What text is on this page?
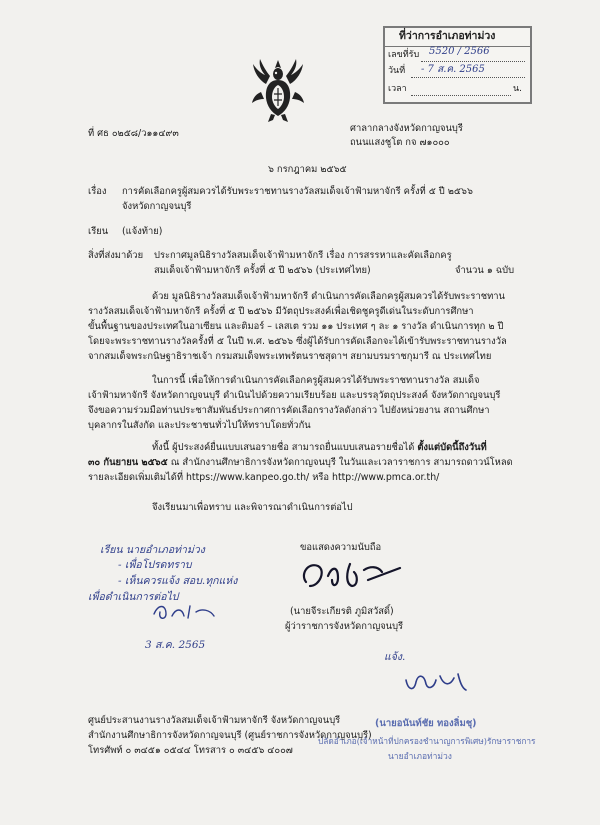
ที่ว่าการอำเภอท่าม่วง
เลขที่รับ 5520 / 2566
วันที่ - 7 ส.ค. 2565
เวลา	น.
ที่ ศธ ๐๒๕๘/ว๑๑๔๙๓	ศาลากลางจังหวัดกาญจนบุรี
ถนนแสงชูโต กจ ๗๑๐๐๐
๖ กรกฎาคม ๒๕๖๕
เรื่อง การคัดเลือกครูผู้สมควรได้รับพระราชทานรางวัลสมเด็จเจ้าฟ้ามหาจักรี ครั้งที่ ๕ ปี ๒๕๖๖
จังหวัดกาญจนบุรี
เรียน (แจ้งท้าย)
สิ่งที่ส่งมาด้วย ประกาศมูลนิธิรางวัลสมเด็จเจ้าฟ้ามหาจักรี เรื่อง การสรรหาและคัดเลือกครู
สมเด็จเจ้าฟ้ามหาจักรี ครั้งที่ ๕ ปี ๒๕๖๖ (ประเทศไทย)	จำนวน ๑ ฉบับ
ด้วย มูลนิธิรางวัลสมเด็จเจ้าฟ้ามหาจักรี ดำเนินการคัดเลือกครูผู้สมควรได้รับพระราชทาน
รางวัลสมเด็จเจ้าฟ้ามหาจักรี ครั้งที่ ๕ ปี ๒๕๖๖ มีวัตถุประสงค์เพื่อเชิดชูครูดีเด่นในระดับการศึกษา
ขั้นพื้นฐานของประเทศในอาเซียน และติมอร์ – เลสเต รวม ๑๑ ประเทศ ๆ ละ ๑ รางวัล ดำเนินการทุก ๒ ปี
โดยจะพระราชทานรางวัลครั้งที่ ๕ ในปี พ.ศ. ๒๕๖๖ ซึ่งผู้ได้รับการคัดเลือกจะได้เข้ารับพระราชทานรางวัล
จากสมเด็จพระกนิษฐาธิราชเจ้า กรมสมเด็จพระเทพรัตนราชสุดาฯ สยามบรมราชกุมารี ณ ประเทศไทย
ในการนี้ เพื่อให้การดำเนินการคัดเลือกครูผู้สมควรได้รับพระราชทานรางวัล สมเด็จ
เจ้าฟ้ามหาจักรี จังหวัดกาญจนบุรี ดำเนินไปด้วยความเรียบร้อย และบรรลุวัตถุประสงค์ จังหวัดกาญจนบุรี
จึงขอความร่วมมือท่านประชาสัมพันธ์ประกาศการคัดเลือกรางวัลดังกล่าว ไปยังหน่วยงาน สถานศึกษา
บุคลากรในสังกัด และประชาชนทั่วไปให้ทราบโดยทั่วกัน
ทั้งนี้ ผู้ประสงค์ยื่นแบบเสนอรายชื่อ สามารถยื่นแบบเสนอรายชื่อได้ ตั้งแต่บัดนี้ถึงวันที่
๓๐ กันยายน ๒๕๖๕ ณ สำนักงานศึกษาธิการจังหวัดกาญจนบุรี ในวันและเวลาราชการ สามารถดาวน์โหลด
รายละเอียดเพิ่มเติมได้ที่ https://www.kanpeo.go.th/ หรือ http://www.pmca.or.th/
จึงเรียนมาเพื่อทราบ และพิจารณาดำเนินการต่อไป
ขอแสดงความนับถือ
(นายจีระเกียรติ ภูมิสวัสดิ์)
ผู้ว่าราชการจังหวัดกาญจนบุรี
เรียน นายอำเภอท่าม่วง
- เพื่อโปรดทราบ
- เห็นควรแจ้ง สอบ.ทุกแห่ง
เพื่อดำเนินการต่อไป
3 ส.ค. 2565
แจ้ง.
ศูนย์ประสานงานรางวัลสมเด็จเจ้าฟ้ามหาจักรี จังหวัดกาญจนบุรี
สำนักงานศึกษาธิการจังหวัดกาญจนบุรี (ศูนย์ราชการจังหวัดกาญจนบุรี)
โทรศัพท์ ๐ ๓๔๕๑ ๐๕๔๔ โทรสาร ๐ ๓๔๕๖ ๔๐๐๗
(นายอนันท์ชัย ทองลิ่มชุ)
ปลัดอำเภอ(เจ้าหน้าที่ปกครองชำนาญการพิเศษ)รักษาราชการ
นายอำเภอท่าม่วง
